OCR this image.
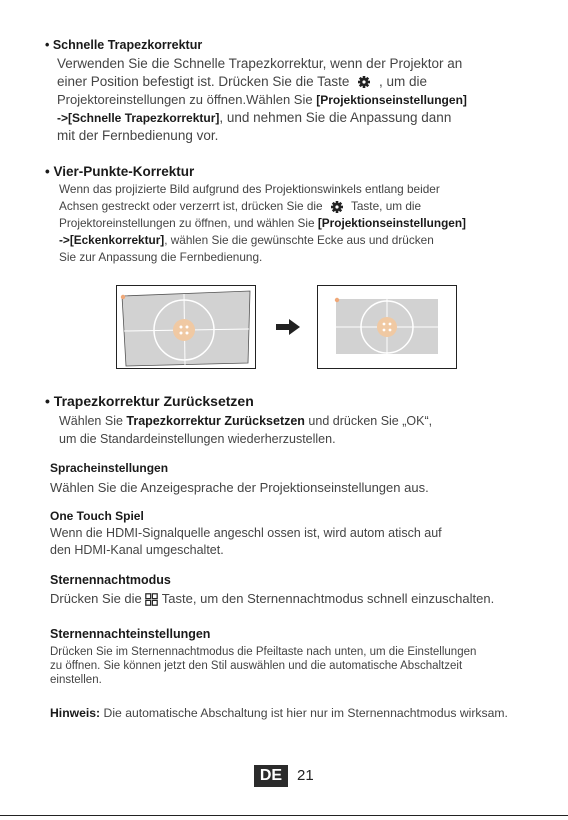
• Schnelle Trapezkorrektur
Verwenden Sie die Schnelle Trapezkorrektur, wenn der Projektor an
einer Position befestigt ist. Drücken Sie die Taste , um die
Projektoreinstellungen zu öffnen.Wählen Sie [Projektionseinstellungen]
->[Schnelle Trapezkorrektur], und nehmen Sie die Anpassung dann
mit der Fernbedienung vor.
• Vier-Punkte-Korrektur
Wenn das projizierte Bild aufgrund des Projektionswinkels entlang beider
Achsen gestreckt oder verzerrt ist, drücken Sie die Taste, um die
Projektoreinstellungen zu öffnen, und wählen Sie [Projektionseinstellungen]
->[Eckenkorrektur], wählen Sie die gewünschte Ecke aus und drücken
Sie zur Anpassung die Fernbedienung.
• Trapezkorrektur Zurücksetzen
Wählen Sie Trapezkorrektur Zurücksetzen und drücken Sie „OK“,
um die Standardeinstellungen wiederherzustellen.
Spracheinstellungen
Wählen Sie die Anzeigesprache der Projektionseinstellungen aus.
One Touch Spiel
Wenn die HDMI-Signalquelle angeschl ossen ist, wird autom atisch auf
den HDMI-Kanal umgeschaltet.
Sternennachtmodus
Drücken Sie die Taste, um den Sternennachtmodus schnell einzuschalten.
Sternennachteinstellungen
Drücken Sie im Sternennachtmodus die Pfeiltaste nach unten, um die Einstellungen
zu öffnen. Sie können jetzt den Stil auswählen und die automatische Abschaltzeit
einstellen.
Hinweis: Die automatische Abschaltung ist hier nur im Sternennachtmodus wirksam.
DE 21
